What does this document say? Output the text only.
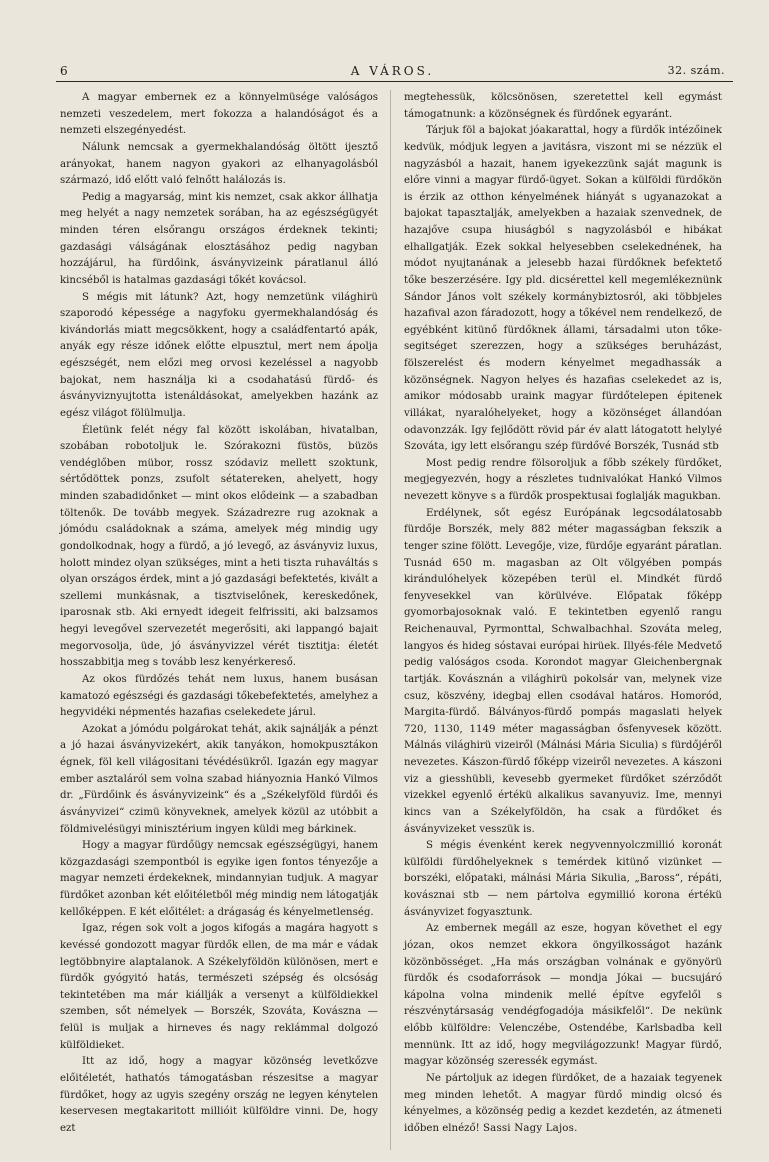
6	A VÁROS.	32. szám.

A magyar embernek ez a könnyelmüsége valóságos nemzeti veszedelem, mert fokozza a halandóságot és a nemzeti elszegényedést.

Nálunk nemcsak a gyermekhalandóság öltött ijesztő arányokat, hanem nagyon gyakori az elhanyagolásból származó, idő előtt való felnőtt halálozás is.

Pedig a magyarság, mint kis nemzet, csak akkor állhatja meg helyét a nagy nemzetek sorában, ha az egészségügyét minden téren elsőrangu országos érdeknek tekinti; gazdasági válságának elosztásához pedig nagyban hozzájárul, ha fürdőink, ásványvizeink páratlanul álló kincséből is hatalmas gazdasági tőkét kovácsol.

S mégis mit látunk? Azt, hogy nemzetünk világhirü szaporodó képessége a nagyfoku gyermekhalandóság és kivándorlás miatt megcsökkent, hogy a családfentartó apák, anyák egy része időnek előtte elpusztul, mert nem ápolja egészségét, nem előzi meg orvosi kezeléssel a nagyobb bajokat, nem használja ki a csodahatású fürdő- és ásványviznyujtotta istenáldásokat, amelyekben hazánk az egész világot fölülmulja.

Életünk felét négy fal között iskolában, hivatalban, szobában robotoljuk le. Szórakozni füstös, büzös vendéglőben mübor, rossz szódaviz mellett szoktunk, sértődöttek ponzs, zsufolt sétatereken, ahelyett, hogy minden szabadidőnket — mint okos elődeink — a szabadban töltenők. De tovább megyek. Századrezre rug azoknak a jómódu családoknak a száma, amelyek még mindig ugy gondolkodnak, hogy a fürdő, a jó levegő, az ásványviz luxus, holott mindez olyan szükséges, mint a heti tiszta ruhaváltás s olyan országos érdek, mint a jó gazdasági befektetés, kivált a szellemi munkásnak, a tisztviselőnek, kereskedőnek, iparosnak stb. Aki ernyedt idegeit felfrissiti, aki balzsamos hegyi levegővel szervezetét megerősiti, aki lappangó bajait megorvosolja, üde, jó ásványvizzel vérét tisztitja: életét hosszabbitja meg s tovább lesz kenyérkereső.

Az okos fürdőzés tehát nem luxus, hanem busásan kamatozó egészségi és gazdasági tőkebefektetés, amelyhez a hegyvidéki népmentés hazafias cselekedete járul.

Azokat a jómódu polgárokat tehát, akik sajnálják a pénzt a jó hazai ásványvizekért, akik tanyákon, homokpusztákon égnek, föl kell világositani tévédésükről. Igazán egy magyar ember asztaláról sem volna szabad hiányoznia Hankó Vilmos dr. „Fürdőink és ásványvizeink“ és a „Székelyföld fürdői és ásványvizei“ czimü könyveknek, amelyek közül az utóbbit a földmivelésügyi minisztérium ingyen küldi meg bárkinek.

Hogy a magyar fürdőügy nemcsak egészségügyi, hanem közgazdasági szempontból is egyike igen fontos tényezője a magyar nemzeti érdekeknek, mindannyian tudjuk. A magyar fürdőket azonban két előitéletből még mindig nem látogatják kellőképpen. E két előitélet: a drágaság és kényelmetlenség.

Igaz, régen sok volt a jogos kifogás a magára hagyott s kevéssé gondozott magyar fürdők ellen, de ma már e vádak legtöbbnyire alaptalanok. A Székelyföldön különösen, mert e fürdők gyógyitó hatás, természeti szépség és olcsóság tekintetében ma már kiállják a versenyt a külföldiekkel szemben, sőt némelyek — Borszék, Szováta, Kovászna — felül is muljak a hirneves és nagy reklámmal dolgozó külföldieket.

Itt az idő, hogy a magyar közönség levetkőzve előitéletét, hathatós támogatásban részesitse a magyar fürdőket, hogy az ugyis szegény ország ne legyen kénytelen keservesen megtakaritott millióit külföldre vinni. De, hogy ezt

megtehessük, kölcsönösen, szeretettel kell egymást támogatnunk: a közönségnek és fürdőnek egyaránt.

Tárjuk föl a bajokat jóakarattal, hogy a fürdők intézőinek kedvük, módjuk legyen a javitásra, viszont mi se nézzük el nagyzásból a hazait, hanem igyekezzünk saját magunk is előre vinni a magyar fürdő-ügyet. Sokan a külföldi fürdőkön is érzik az otthon kényelmének hiányát s ugyanazokat a bajokat tapasztalják, amelyekben a hazaiak szenvednek, de hazajőve csupa hiuságból s nagyzolásból e hibákat elhallgatják. Ezek sokkal helyesebben cselekednének, ha módot nyujtanának a jelesebb hazai fürdőknek befektető tőke beszerzésére. Igy pld. dicsérettel kell megemlékeznünk Sándor János volt székely kormánybiztosról, aki többjeles hazafival azon fáradozott, hogy a tőkével nem rendelkező, de egyébként kitünő fürdőknek állami, társadalmi uton tőke-segitséget szerezzen, hogy a szükséges beruházást, fölszerelést és modern kényelmet megadhassák a közönségnek. Nagyon helyes és hazafias cselekedet az is, amikor módosabb uraink magyar fürdőtelepen épitenek villákat, nyaralóhelyeket, hogy a közönséget állandóan odavonzzák. Igy fejlődött rövid pár év alatt látogatott helylyé Szováta, igy lett elsőrangu szép fürdővé Borszék, Tusnád stb

Most pedig rendre fölsoroljuk a főbb székely fürdőket, megjegyezvén, hogy a részletes tudnivalókat Hankó Vilmos nevezett könyve s a fürdők prospektusai foglalják magukban.

Erdélynek, sőt egész Európának legcsodálatosabb fürdője Borszék, mely 882 méter magasságban fekszik a tenger szine fölött. Levegője, vize, fürdője egyaránt páratlan. Tusnád 650 m. magasban az Olt völgyében pompás kirándulóhelyek közepében terül el. Mindkét fürdő fenyvesekkel van körülvéve. Előpatak főképp gyomorbajosoknak való. E tekintetben egyenlő rangu Reichenauval, Pyrmonttal, Schwalbachhal. Szováta meleg, langyos és hideg sóstavai európai hirüek. Illyés-féle Medvető pedig valóságos csoda. Korondot magyar Gleichenbergnak tartják. Kovásznán a világhirü pokolsár van, melynek vize csuz, köszvény, idegbaj ellen csodával határos. Homoród, Margita-fürdő. Bálványos-fürdő pompás magaslati helyek 720, 1130, 1149 méter magasságban ősfenyvesek között. Málnás világhirü vizeiről (Málnási Mária Siculia) s fürdőjéről nevezetes. Kászon-fürdő főképp vizeiről nevezetes. A kászoni viz a giesshübli, kevesebb gyermeket fürdőket szérződőt vizekkel egyenlő értékü alkalikus savanyuviz. Ime, mennyi kincs van a Székelyföldön, ha csak a fürdőket és ásványvizeket vesszük is.

S mégis évenként kerek negyvennyolczmillió koronát külföldi fürdőhelyeknek s temérdek kitünő vizünket — borszéki, előpataki, málnási Mária Sikulia, „Baross“, répáti, kovásznai stb — nem pártolva egymillió korona értékü ásványvizet fogyasztunk.

Az embernek megáll az esze, hogyan követhet el egy józan, okos nemzet ekkora öngyilkosságot hazánk közönbösséget. „Ha más országban volnának e gyönyörü fürdők és csodaforrások — mondja Jókai — bucsujáró kápolna volna mindenik mellé építve egyfelől s részvénytársaság vendégfogadója másikfelől“. De nekünk előbb külföldre: Velenczébe, Ostendébe, Karlsbadba kell mennünk. Itt az idő, hogy megvilágozzunk! Magyar fürdő, magyar közönség szeressék egymást.

Ne pártoljuk az idegen fürdőket, de a hazaiak tegyenek meg minden lehetőt. A magyar fürdő mindig olcsó és kényelmes, a közönség pedig a kezdet kezdetén, az átmeneti időben elnéző! Sassi Nagy Lajos.
